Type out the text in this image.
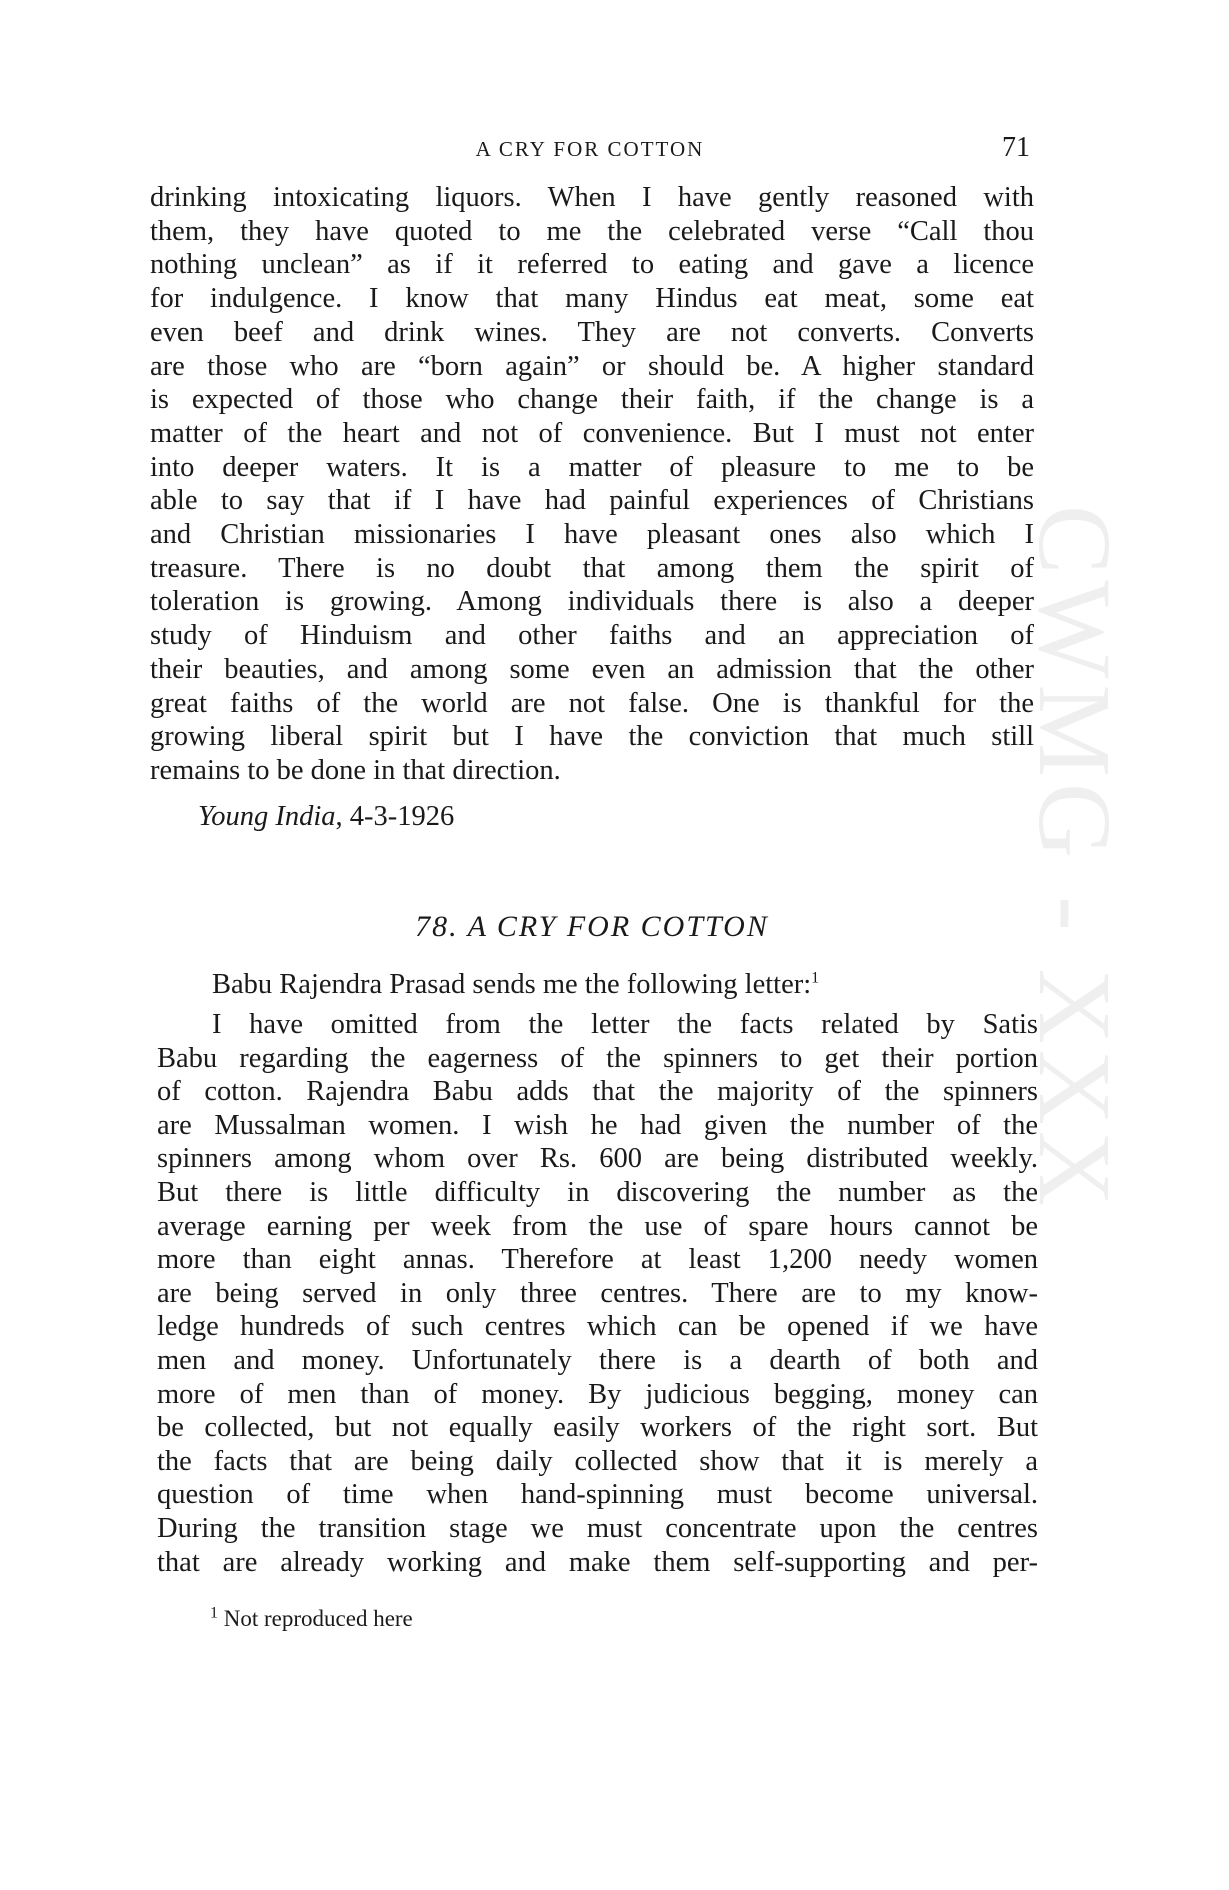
CWMG - XXX
A CRY FOR COTTON	71
drinking intoxicating liquors. When I have gently reasoned with
them, they have quoted to me the celebrated verse “Call thou
nothing unclean” as if it referred to eating and gave a licence
for indulgence. I know that many Hindus eat meat, some eat
even beef and drink wines. They are not converts. Converts
are those who are “born again” or should be. A higher standard
is expected of those who change their faith, if the change is a
matter of the heart and not of convenience. But I must not enter
into deeper waters. It is a matter of pleasure to me to be
able to say that if I have had painful experiences of Christians
and Christian missionaries I have pleasant ones also which I
treasure. There is no doubt that among them the spirit of
toleration is growing. Among individuals there is also a deeper
study of Hinduism and other faiths and an appreciation of
their beauties, and among some even an admission that the other
great faiths of the world are not false. One is thankful for the
growing liberal spirit but I have the conviction that much still
remains to be done in that direction.
Young India, 4-3-1926
78. A CRY FOR COTTON
Babu Rajendra Prasad sends me the following letter:$^1$
I have omitted from the letter the facts related by Satis
Babu regarding the eagerness of the spinners to get their portion
of cotton. Rajendra Babu adds that the majority of the spinners
are Mussalman women. I wish he had given the number of the
spinners among whom over Rs. 600 are being distributed weekly.
But there is little difficulty in discovering the number as the
average earning per week from the use of spare hours cannot be
more than eight annas. Therefore at least 1,200 needy women
are being served in only three centres. There are to my know-
ledge hundreds of such centres which can be opened if we have
men and money. Unfortunately there is a dearth of both and
more of men than of money. By judicious begging, money can
be collected, but not equally easily workers of the right sort. But
the facts that are being daily collected show that it is merely a
question of time when hand-spinning must become universal.
During the transition stage we must concentrate upon the centres
that are already working and make them self-supporting and per-
$^1$ Not reproduced here
